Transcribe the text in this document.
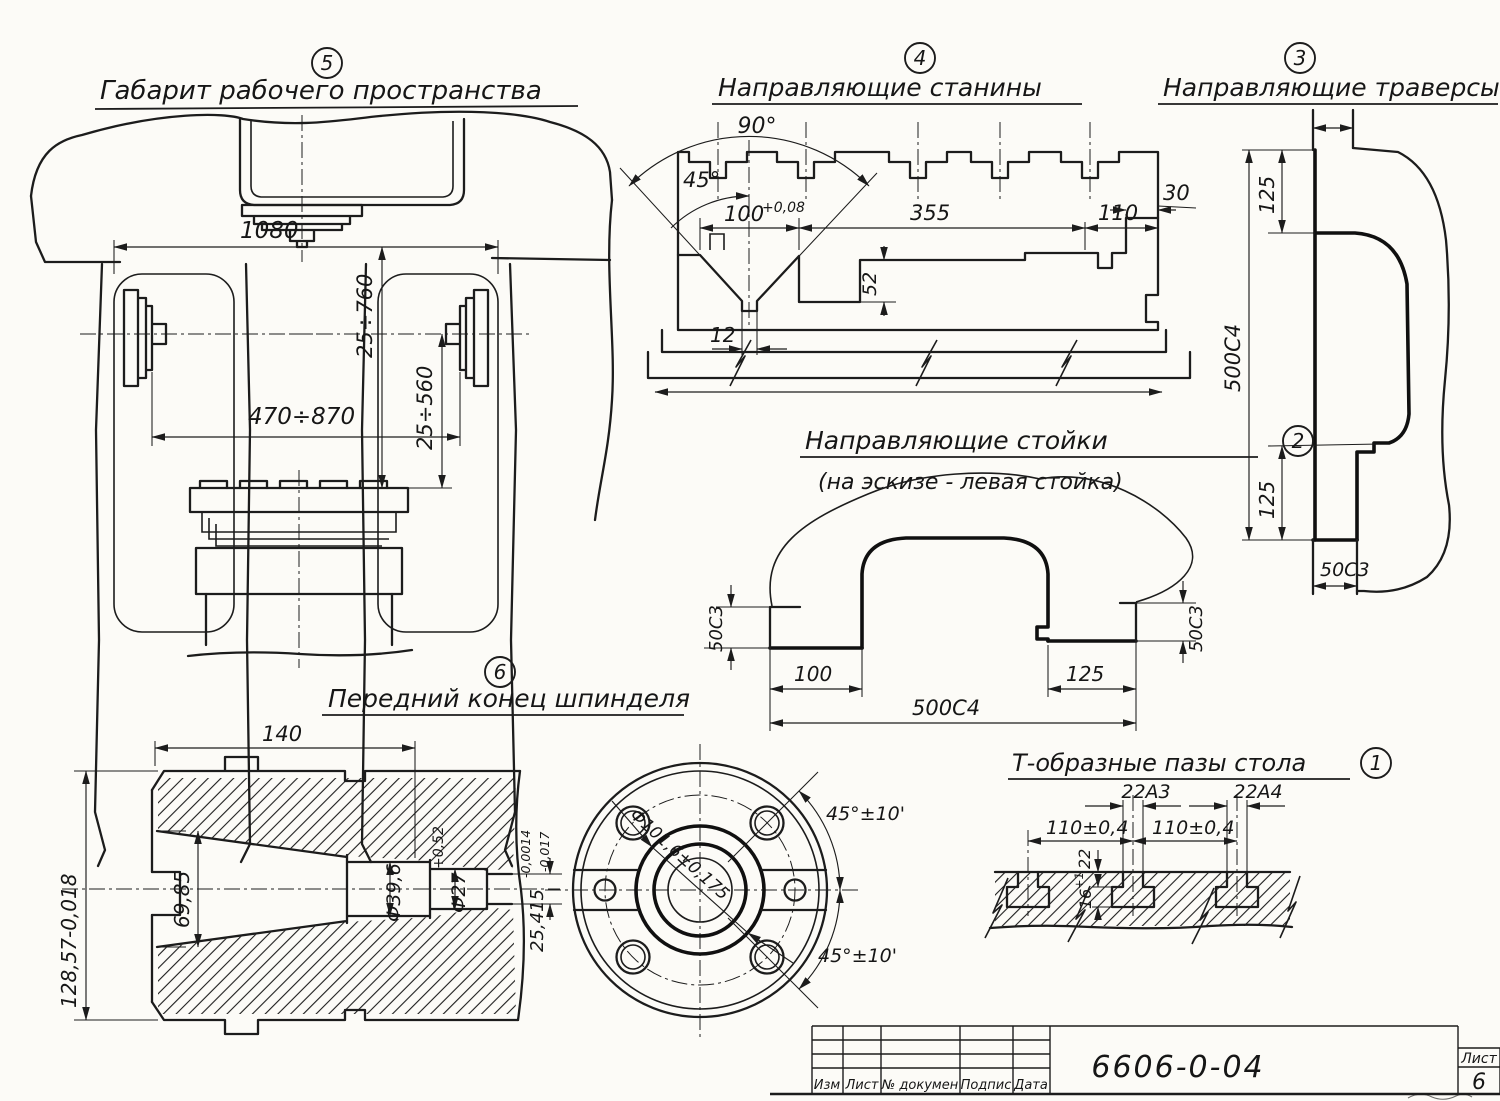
5
Габарит рабочего пространства
1080
470÷870
25÷760
25÷560
4
Направляющие станины
90°
45°
100
+0,08	355	110
30
52
12
3
Направляющие траверсы
125
500С4
125
50С3
Направляющие стойки	2
(на эскизе - левая стойка)
50С3	50С3
100	125
500С4
6
Передний конец шпинделя
140
128,57-0,018	69,85	Ф39,6 Ф27
+0,52
25,415
-0,0014 -0,017	Ф101,6±0,175	45°±10'
45°±10'
Т-образные пазы стола	1
22А3	22А4
110±0,4 110±0,4
22
16
+1
Изм Лист № докумен Подпис Дата
6606-0-04	Лист
6
